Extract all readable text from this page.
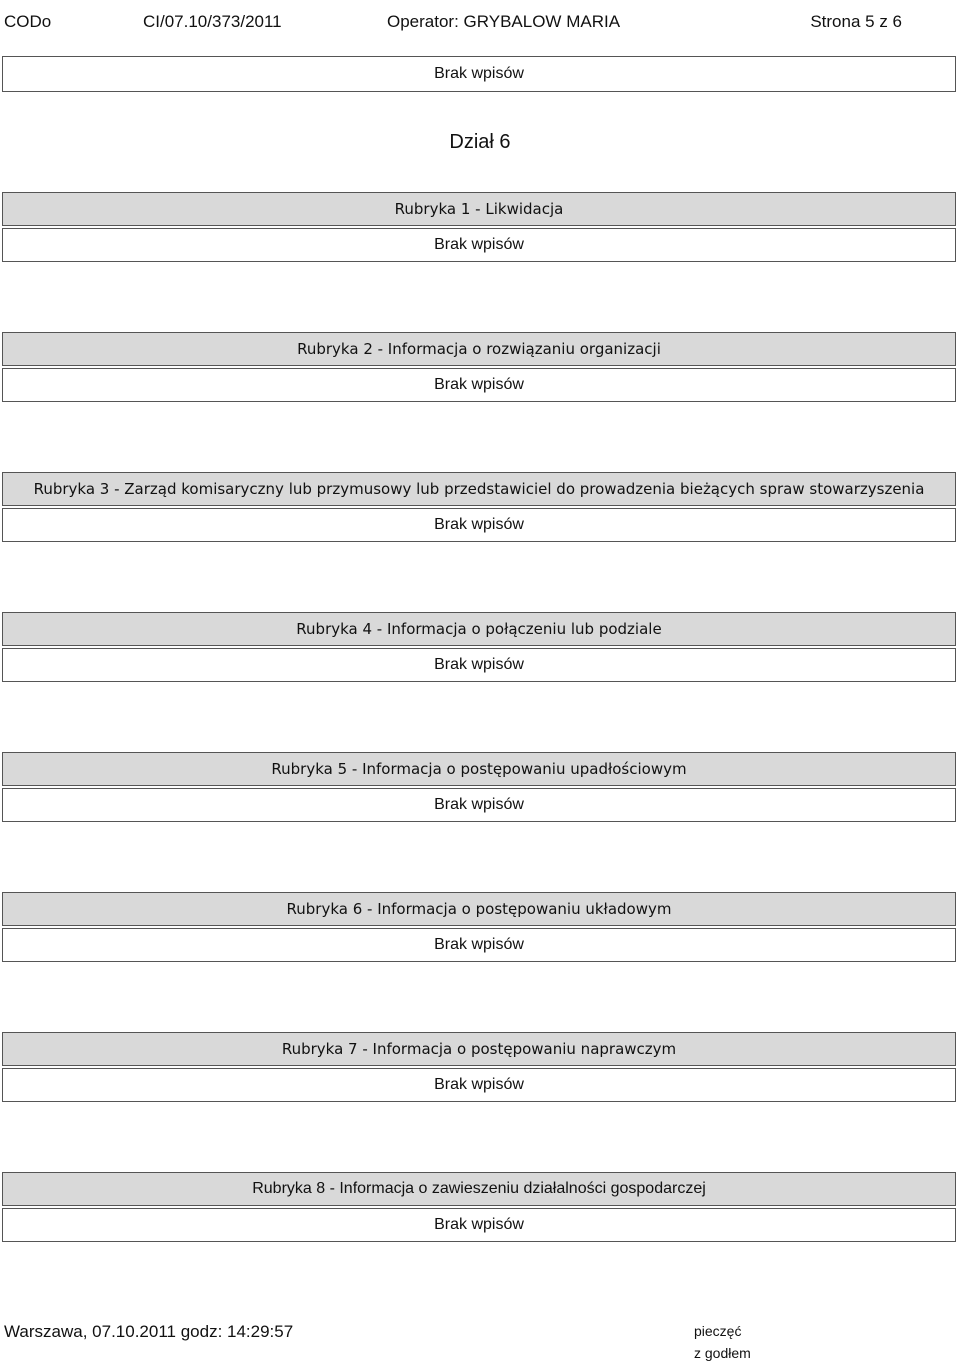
CODo	CI/07.10/373/2011	Operator: GRYBALOW MARIA	Strona 5 z 6
Brak wpisów
Dział 6
Rubryka 1 - Likwidacja
Brak wpisów
Rubryka 2 - Informacja o rozwiązaniu organizacji
Brak wpisów
Rubryka 3 - Zarząd komisaryczny lub przymusowy lub przedstawiciel do prowadzenia bieżących spraw stowarzyszenia
Brak wpisów
Rubryka 4 - Informacja o połączeniu lub podziale
Brak wpisów
Rubryka 5 - Informacja o postępowaniu upadłościowym
Brak wpisów
Rubryka 6 - Informacja o postępowaniu układowym
Brak wpisów
Rubryka 7 - Informacja o postępowaniu naprawczym
Brak wpisów
Rubryka 8 - Informacja o zawieszeniu działalności gospodarczej
Brak wpisów
Warszawa, 07.10.2011 godz: 14:29:57	pieczęć
z godłem
